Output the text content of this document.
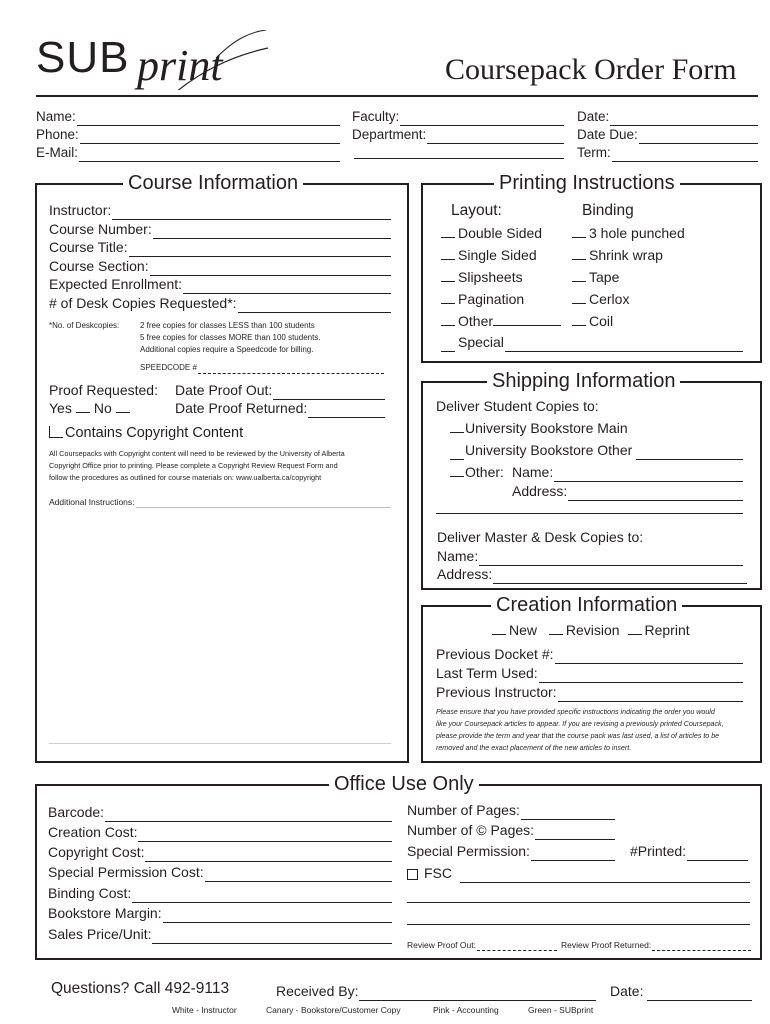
SUB print	Coursepack Order Form
Name:
Phone:
E-Mail:
Faculty:
Department:
Date:
Date Due:
Term:
Course Information
Instructor:
Course Number:
Course Title:
Course Section:
Expected Enrollment:
# of Desk Copies Requested*:
*No. of Deskcopies:	2 free copies for classes LESS than 100 students
5 free copies for classes MORE than 100 students.
Additional copies require a Speedcode for billing.
SPEEDCODE #
Proof Requested:
Yes No
Date Proof Out:
Date Proof Returned:
Contains Copyright Content
All Coursepacks with Copyright content will need to be reviewed by the University of Alberta
Copyright Office prior to printing. Please complete a Copyright Review Request Form and
follow the procedures as outlined for course materials on: www.ualberta.ca/copyright
Additional Instructions:
Printing Instructions
Layout:	Binding
Double Sided
Single Sided
Slipsheets
Pagination
Other
Special
3 hole punched
Shrink wrap
Tape
Cerlox
Coil
Shipping Information
Deliver Student Copies to:
University Bookstore Main
University Bookstore Other
Other: Name:
Address:
Deliver Master & Desk Copies to:
Name:
Address:
Creation Information
New Revision Reprint
Previous Docket #:
Last Term Used:
Previous Instructor:
Please ensure that you have provided specific instructions indicating the order you would
like your Coursepack articles to appear. If you are revising a previously printed Coursepack,
please provide the term and year that the course pack was last used, a list of articles to be
removed and the exact placement of the new articles to insert.
Office Use Only
Barcode:
Creation Cost:
Copyright Cost:
Special Permission Cost:
Binding Cost:
Bookstore Margin:
Sales Price/Unit:
Number of Pages:
Number of © Pages:
Special Permission:	#Printed:
FSC
Review Proof Out:	Review Proof Returned:
Questions? Call 492-9113	Received By:	Date:
White - Instructor	Canary - Bookstore/Customer Copy	Pink - Accounting	Green - SUBprint
